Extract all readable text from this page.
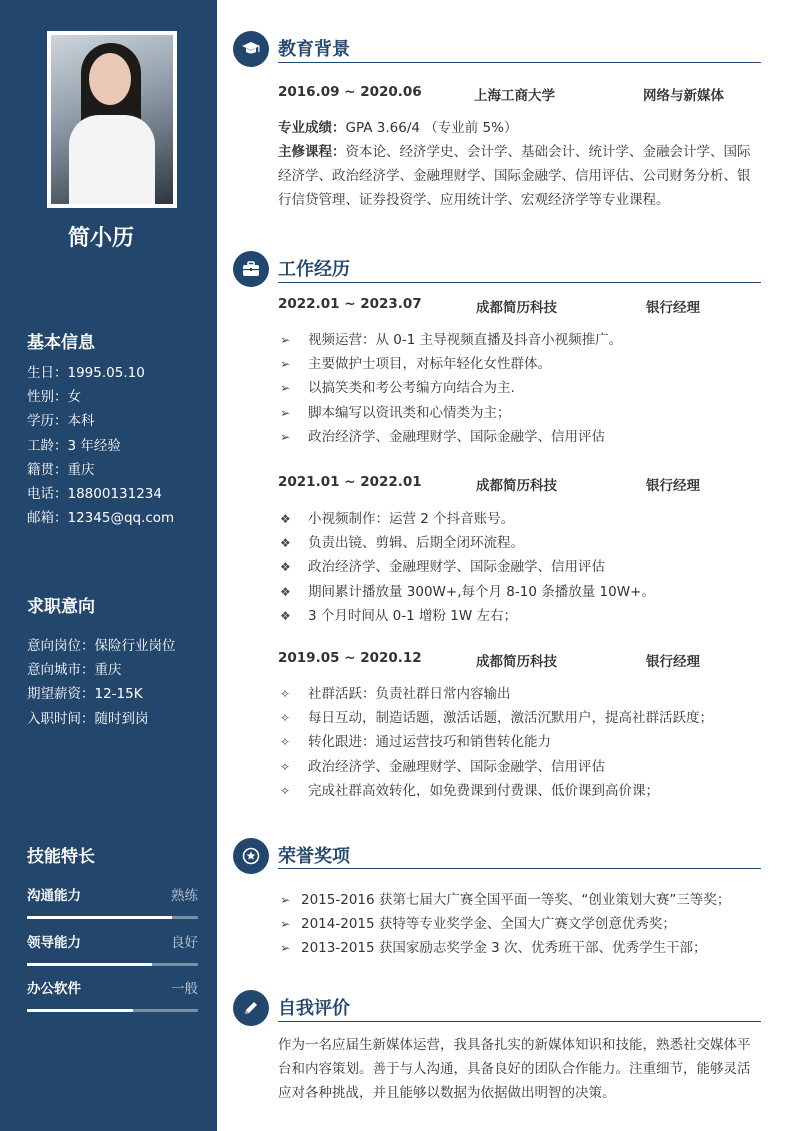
简小历
基本信息
生日：1995.05.10
性别：女
学历：本科
工龄：3 年经验
籍贯：重庆
电话：18800131234
邮箱：12345@qq.com
求职意向
意向岗位：保险行业岗位
意向城市：重庆
期望薪资：12-15K
入职时间：随时到岗
技能特长
沟通能力	熟练
领导能力	良好
办公软件	一般
教育背景
2016.09 ~ 2020.06	上海工商大学	网络与新媒体
专业成绩：GPA 3.66/4 （专业前 5%）
主修课程：资本论、经济学史、会计学、基础会计、统计学、金融会计学、国际经济学、政治经济学、金融理财学、国际金融学、信用评估、公司财务分析、银行信贷管理、证券投资学、应用统计学、宏观经济学等专业课程。
工作经历
2022.01 ~ 2023.07	成都简历科技	银行经理
➢ 视频运营：从 0-1 主导视频直播及抖音小视频推广。
➢ 主要做护士项目，对标年轻化女性群体。
➢ 以搞笑类和考公考编方向结合为主.
➢ 脚本编写以资讯类和心情类为主；
➢ 政治经济学、金融理财学、国际金融学、信用评估
2021.01 ~ 2022.01	成都简历科技	银行经理
❖ 小视频制作：运营 2 个抖音账号。
❖ 负责出镜、剪辑、后期全闭环流程。
❖ 政治经济学、金融理财学、国际金融学、信用评估
❖ 期间累计播放量 300W+,每个月 8-10 条播放量 10W+。
❖ 3 个月时间从 0-1 增粉 1W 左右；
2019.05 ~ 2020.12	成都简历科技	银行经理
✧ 社群活跃：负责社群日常内容输出
✧ 每日互动，制造话题，激活话题，激活沉默用户，提高社群活跃度；
✧ 转化跟进：通过运营技巧和销售转化能力
✧ 政治经济学、金融理财学、国际金融学、信用评估
✧ 完成社群高效转化，如免费课到付费课、低价课到高价课；
荣誉奖项
➢ 2015-2016 获第七届大广赛全国平面一等奖、“创业策划大赛”三等奖；
➢ 2014-2015 获特等专业奖学金、全国大广赛文学创意优秀奖；
➢ 2013-2015 获国家励志奖学金 3 次、优秀班干部、优秀学生干部；
自我评价
作为一名应届生新媒体运营，我具备扎实的新媒体知识和技能，熟悉社交媒体平台和内容策划。善于与人沟通，具备良好的团队合作能力。注重细节，能够灵活应对各种挑战，并且能够以数据为依据做出明智的决策。
